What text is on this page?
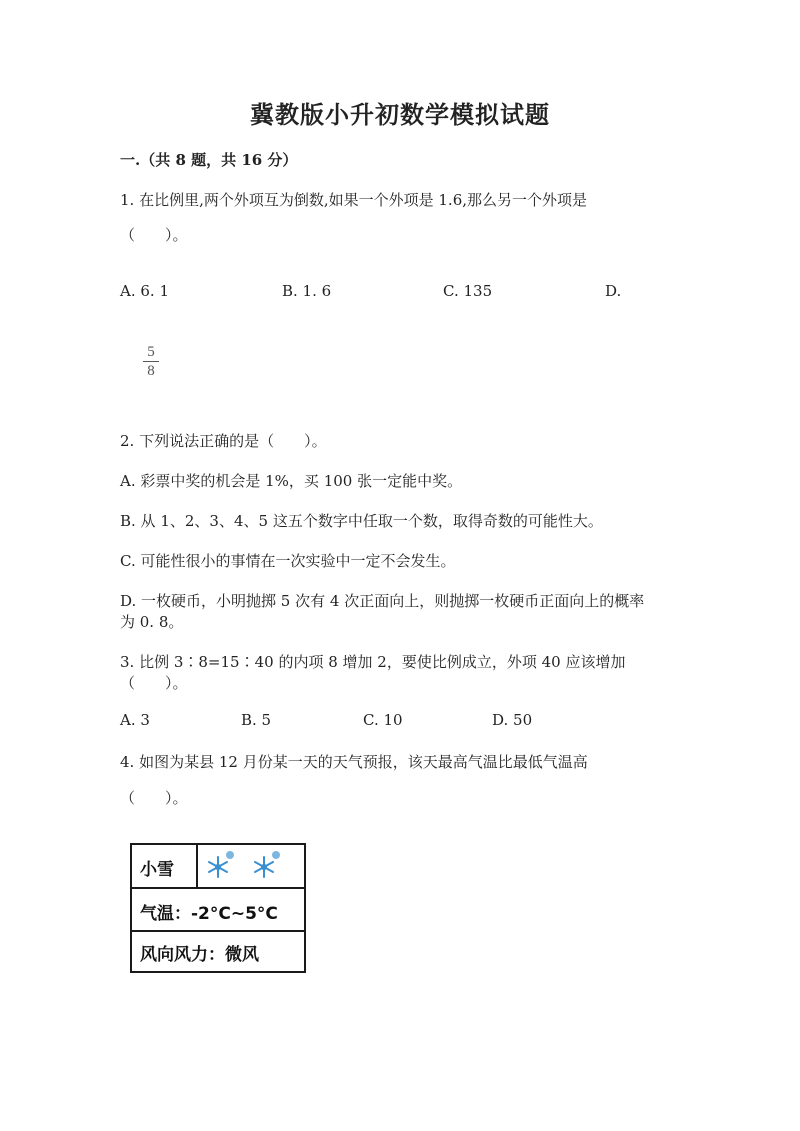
冀教版小升初数学模拟试题
一.（共 8 题，共 16 分）
1. 在比例里,两个外项互为倒数,如果一个外项是 1.6,那么另一个外项是
（　　）。
A. 6. 1	B. 1. 6	C. 135	D.
5
8
2. 下列说法正确的是（　　）。
A. 彩票中奖的机会是 1%，买 100 张一定能中奖。
B. 从 1、2、3、4、5 这五个数字中任取一个数，取得奇数的可能性大。
C. 可能性很小的事情在一次实验中一定不会发生。
D. 一枚硬币，小明抛掷 5 次有 4 次正面向上，则抛掷一枚硬币正面向上的概率
为 0. 8。
3. 比例 3∶8=15∶40 的内项 8 增加 2，要使比例成立，外项 40 应该增加
（　　）。
A. 3	B. 5	C. 10	D. 50
4. 如图为某县 12 月份某一天的天气预报，该天最高气温比最低气温高
（　　）。
小雪
气温：-2°C~5°C
风向风力：微风
